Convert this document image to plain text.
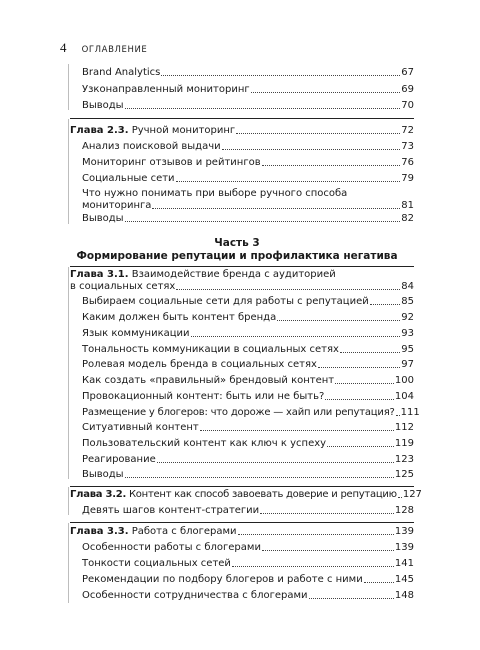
4 ОГЛАВЛЕНИЕ
Brand Analytics	67
Узконаправленный мониторинг	69
Выводы	70
Глава 2.3. Ручной мониторинг	72
Анализ поисковой выдачи	73
Мониторинг отзывов и рейтингов	76
Социальные сети	79
Что нужно понимать при выборе ручного способа
мониторинга	81
Выводы	82
Часть 3
Формирование репутации и профилактика негатива
Глава 3.1. Взаимодействие бренда с аудиторией
в социальных сетях	84
Выбираем социальные сети для работы с репутацией	85
Каким должен быть контент бренда	92
Язык коммуникации	93
Тональность коммуникации в социальных сетях	95
Ролевая модель бренда в социальных сетях	97
Как создать «правильный» брендовый контент	100
Провокационный контент: быть или не быть?	104
Размещение у блогеров: что дороже — хайп или репутация? 111
Ситуативный контент	112
Пользовательский контент как ключ к успеху	119
Реагирование	123
Выводы	125
Глава 3.2. Контент как способ завоевать доверие и репутацию 127
Девять шагов контент-стратегии	128
Глава 3.3. Работа с блогерами	139
Особенности работы с блогерами	139
Тонкости социальных сетей	141
Рекомендации по подбору блогеров и работе с ними	145
Особенности сотрудничества с блогерами	148
